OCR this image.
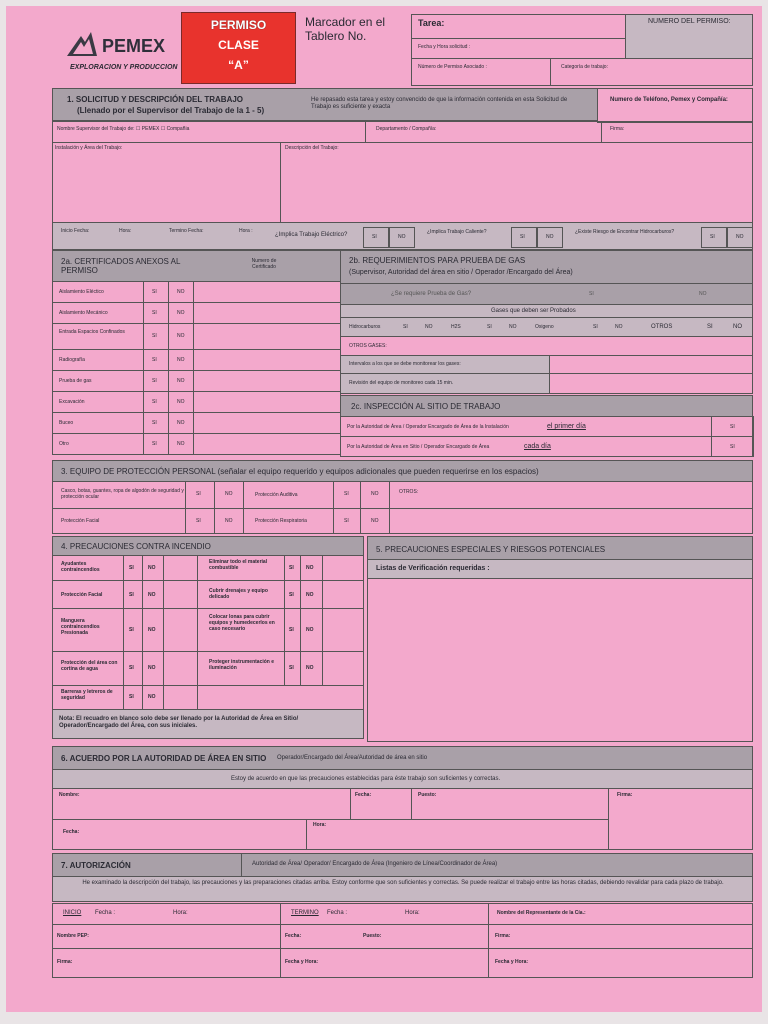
PEMEX
EXPLORACION Y PRODUCCION
PERMISO
CLASE
“A”
Marcador en el Tablero No.
Tarea:	NUMERO DEL PERMISO:
Fecha y Hora solicitud :
Número de Permiso Asociado :	Categoría de trabajo:
1. SOLICITUD Y DESCRIPCIÓN DEL TRABAJO
(Llenado por el Supervisor del Trabajo de la 1 - 5)
He repasado esta tarea y estoy convencido de que la información contenida en esta Solicitud de Trabajo es suficiente y exacta
Numero de Teléfono, Pemex y Compañía:
Nombre Supervisor del Trabajo de: ☐ PEMEX ☐ Compañia	Departamento / Compañía:	Firma:
Instalación y Área del Trabajo:	Descripción del Trabajo:
Inicio Fecha:	Hora:	Termino Fecha:	Hora :
¿Implica Trabajo Eléctrico?	SI	NO
¿Implica Trabajo Caliente?
SI	NO
¿Existe Riesgo de Encontrar Hidrocarburos?
SI	NO
2a. CERTIFICADOS ANEXOS AL PERMISO
Numero de Certificado
Aislamiento Eléctico	SI	NO
Aislamiento Mecánico	SI	NO
Entrada Espacios Confinados
SI	NO
Radiografía	SI	NO
Prueba de gas	SI	NO
Excavación	SI	NO
Buceo	SI	NO
Otro	SI	NO
2b. REQUERIMIENTOS PARA PRUEBA DE GAS
(Supervisor, Autoridad del área en sitio / Operador /Encargado del Área)
¿Se requiere Prueba de Gas?	SI	NO
Gases que deben ser Probados
Hidrocarburos	SI	NO	H2S	SI	NO	Oxigeno	SI	NO	OTROS	SI	NO
OTROS GASES:
Intervalos a los que se debe monitorear los gases:
Revisión del equipo de monitoreo cada 15 min.
2c. INSPECCIÓN AL SITIO DE TRABAJO
Por la Autoridad de Área / Operador Encargado de Área de la Instalación	el primer día	SI
Por la Autoridad de Área en Sitio / Operador Encargado de Área	cada día	SI
3. EQUIPO DE PROTECCIÓN PERSONAL (señalar el equipo requerido y equipos adicionales que pueden requerirse en los espacios)
Casco, botas, guantes, ropa de algodón de seguridad y protección ocular	SI	NO	Protección Auditiva	SI	NO	OTROS:
Protección Facial	SI	NO	Protección Respiratoria	SI	NO
4. PRECAUCIONES CONTRA INCENDIO
Ayudantes contraincendios	SI	NO
Eliminar todo el material combustible	SI NO
Protección Facial	SI	NO
Cubrir drenajes y equipo delicado	SI NO
Manguera contraincendios Presionada	SI	NO
Colocar lonas para cubrir equipos y humedecerlos en caso necesario	SI NO
Protección del área con cortina de agua	SI	NO
Proteger instrumentación e iluminación	SI NO
Barreras y letreros de seguridad	SI	NO
Nota: El recuadro en blanco solo debe ser llenado por la Autoridad de Área en Sitio/ Operador/Encargado del Área, con sus iniciales.
5. PRECAUCIONES ESPECIALES Y RIESGOS POTENCIALES
Listas de Verificación requeridas :
6. ACUERDO POR LA AUTORIDAD DE ÁREA EN SITIO Operador/Encargado del Área/Autoridad de área en sitio
Estoy de acuerdo en que las precauciones establecidas para éste trabajo son suficientes y correctas.
Nombre:	Fecha:	Puesto:	Firma:
Fecha:
Hora:
7. AUTORIZACIÓN	Autoridad de Área/ Operador/ Encargado de Área (Ingeniero de Línea/Coordinador de Área)
He examinado la descripción del trabajo, las precauciones y las preparaciones citadas arriba. Estoy conforme que son suficientes y correctas. Se puede realizar el trabajo entre las horas citadas, debiendo revalidar para cada plazo de trabajo.
INICIO Fecha :	Hora:	TERMINO Fecha :	Hora:	Nombre del Representante de la Cía.:
Nombre PEP:	Fecha:	Puesto:	Firma:
Firma:	Fecha y Hora:	Fecha y Hora:
